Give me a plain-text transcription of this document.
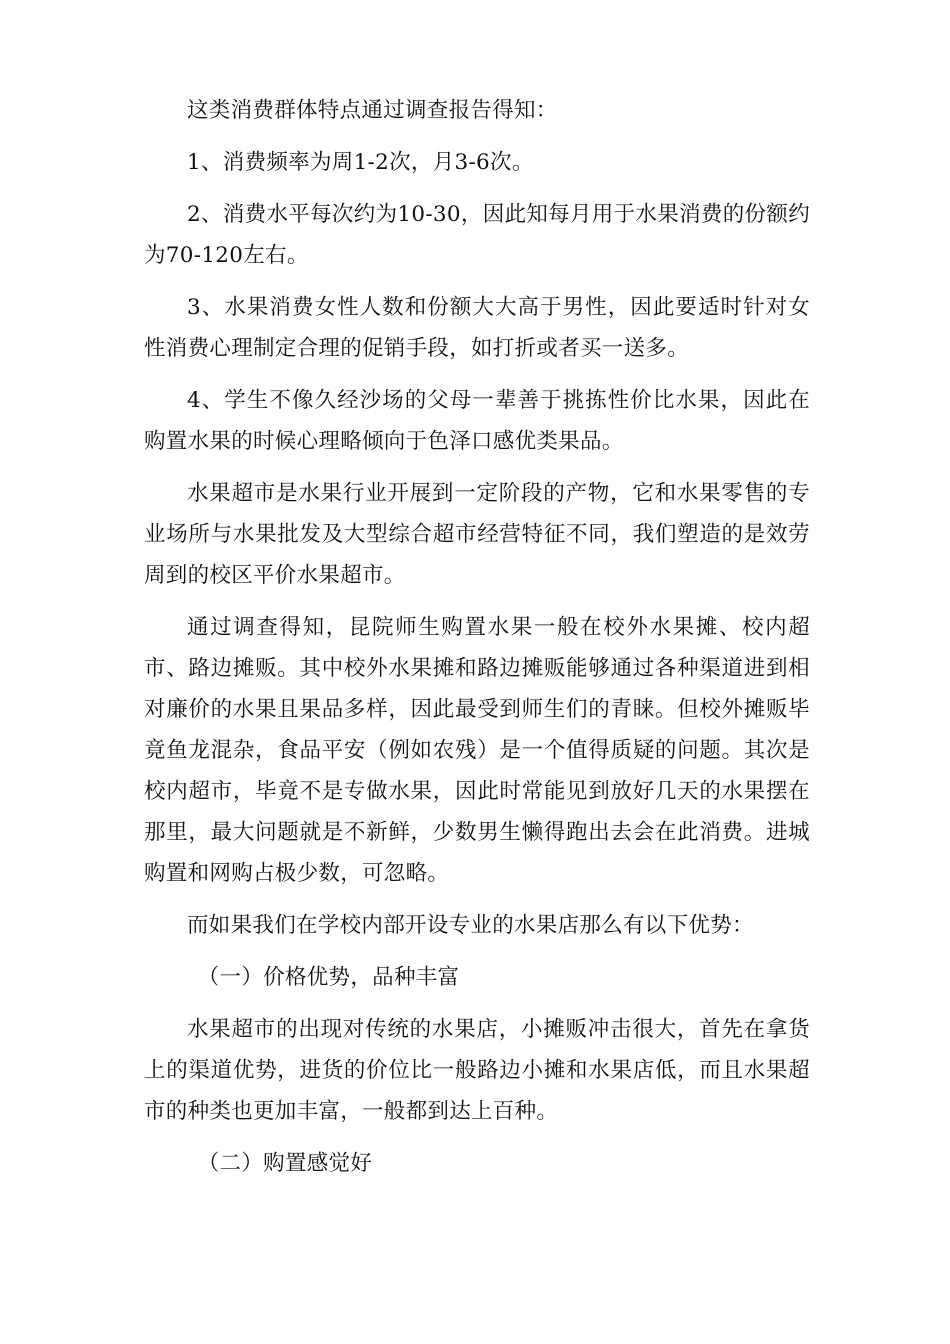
这类消费群体特点通过调查报告得知：

1、消费频率为周1-2次，月3-6次。

2、消费水平每次约为10-30，因此知每月用于水果消费的份额约为70-120左右。

3、水果消费女性人数和份额大大高于男性，因此要适时针对女性消费心理制定合理的促销手段，如打折或者买一送多。

4、学生不像久经沙场的父母一辈善于挑拣性价比水果，因此在购置水果的时候心理略倾向于色泽口感优类果品。

水果超市是水果行业开展到一定阶段的产物，它和水果零售的专业场所与水果批发及大型综合超市经营特征不同，我们塑造的是效劳周到的校区平价水果超市。

通过调查得知，昆院师生购置水果一般在校外水果摊、校内超市、路边摊贩。其中校外水果摊和路边摊贩能够通过各种渠道进到相对廉价的水果且果品多样，因此最受到师生们的青睐。但校外摊贩毕竟鱼龙混杂，食品平安（例如农残）是一个值得质疑的问题。其次是校内超市，毕竟不是专做水果，因此时常能见到放好几天的水果摆在那里，最大问题就是不新鲜，少数男生懒得跑出去会在此消费。进城购置和网购占极少数，可忽略。

而如果我们在学校内部开设专业的水果店那么有以下优势：

（一）价格优势，品种丰富

水果超市的出现对传统的水果店，小摊贩冲击很大，首先在拿货上的渠道优势，进货的价位比一般路边小摊和水果店低，而且水果超市的种类也更加丰富，一般都到达上百种。

（二）购置感觉好
